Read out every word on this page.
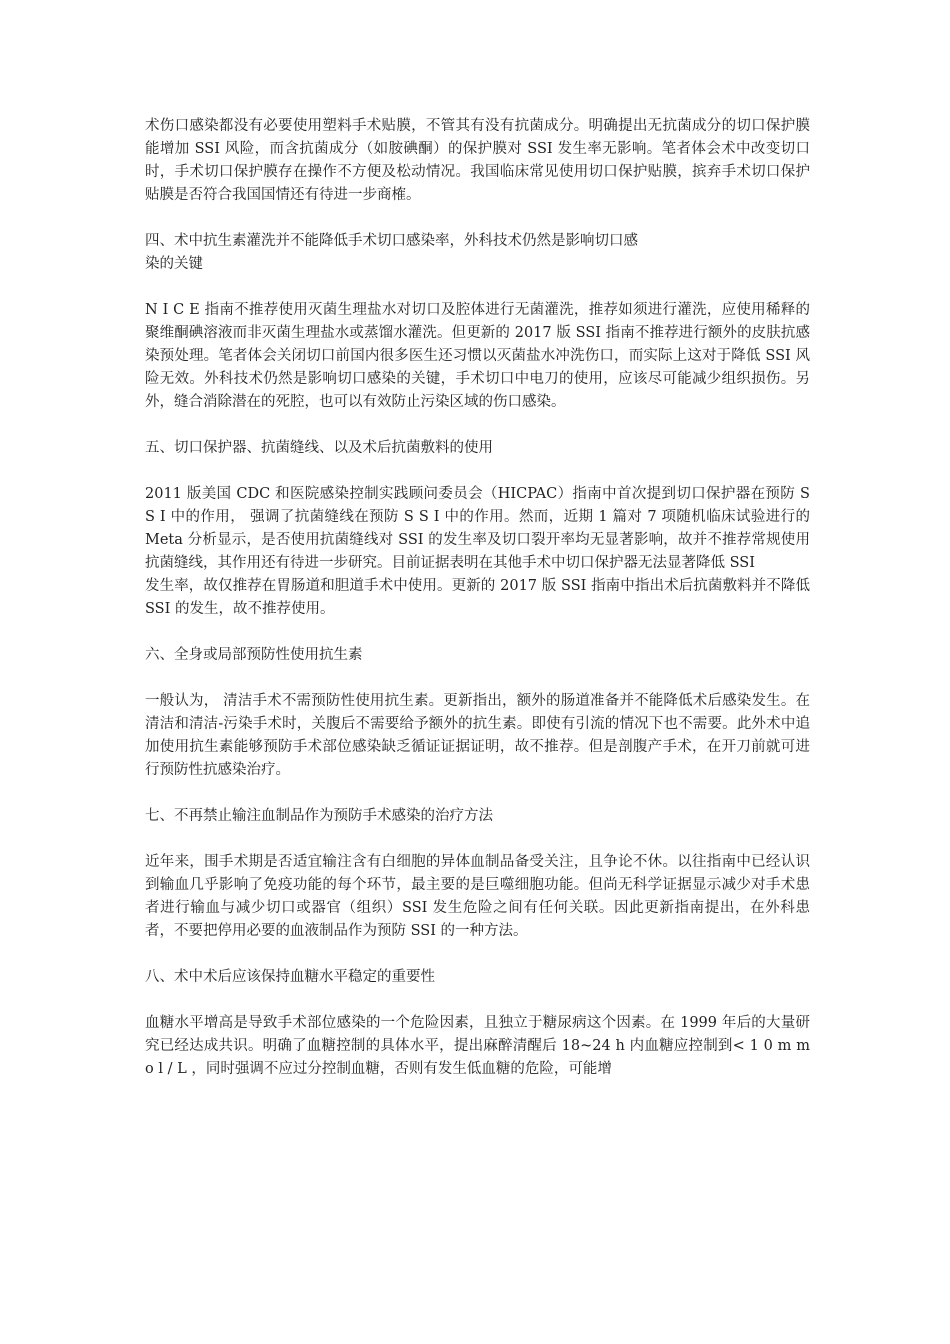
术伤口感染都没有必要使用塑料手术贴膜，不管其有没有抗菌成分。明确提出无抗菌成分的切口保护膜能增加 SSI 风险，而含抗菌成分（如胺碘酮）的保护膜对 SSI 发生率无影响。笔者体会术中改变切口时，手术切口保护膜存在操作不方便及松动情况。我国临床常见使用切口保护贴膜，摈弃手术切口保护贴膜是否符合我国国情还有待进一步商榷。

四、术中抗生素灌洗并不能降低手术切口感染率，外科技术仍然是影响切口感
染的关键

N I C E 指南不推荐使用灭菌生理盐水对切口及腔体进行无菌灌洗，推荐如须进行灌洗，应使用稀释的聚维酮碘溶液而非灭菌生理盐水或蒸馏水灌洗。但更新的 2017 版 SSI 指南不推荐进行额外的皮肤抗感染预处理。笔者体会关闭切口前国内很多医生还习惯以灭菌盐水冲洗伤口，而实际上这对于降低 SSI 风险无效。外科技术仍然是影响切口感染的关键，手术切口中电刀的使用，应该尽可能减少组织损伤。另外，缝合消除潜在的死腔，也可以有效防止污染区域的伤口感染。

五、切口保护器、抗菌缝线、以及术后抗菌敷料的使用

2011 版美国 CDC 和医院感染控制实践顾问委员会（HICPAC）指南中首次提到切口保护器在预防 S S I 中的作用， 强调了抗菌缝线在预防 S S I 中的作用。然而，近期 1 篇对 7 项随机临床试验进行的 Meta 分析显示，是否使用抗菌缝线对 SSI 的发生率及切口裂开率均无显著影响，故并不推荐常规使用抗菌缝线，其作用还有待进一步研究。目前证据表明在其他手术中切口保护器无法显著降低 SSI
发生率，故仅推荐在胃肠道和胆道手术中使用。更新的 2017 版 SSI 指南中指出术后抗菌敷料并不降低 SSI 的发生，故不推荐使用。

六、全身或局部预防性使用抗生素

一般认为， 清洁手术不需预防性使用抗生素。更新指出，额外的肠道准备并不能降低术后感染发生。在清洁和清洁-污染手术时，关腹后不需要给予额外的抗生素。即使有引流的情况下也不需要。此外术中追加使用抗生素能够预防手术部位感染缺乏循证证据证明，故不推荐。但是剖腹产手术，在开刀前就可进行预防性抗感染治疗。

七、不再禁止输注血制品作为预防手术感染的治疗方法

近年来，围手术期是否适宜输注含有白细胞的异体血制品备受关注，且争论不休。以往指南中已经认识到输血几乎影响了免疫功能的每个环节，最主要的是巨噬细胞功能。但尚无科学证据显示减少对手术患者进行输血与减少切口或器官（组织）SSI 发生危险之间有任何关联。因此更新指南提出，在外科患者，不要把停用必要的血液制品作为预防 SSI 的一种方法。

八、术中术后应该保持血糖水平稳定的重要性

血糖水平增高是导致手术部位感染的一个危险因素，且独立于糖尿病这个因素。在 1999 年后的大量研究已经达成共识。明确了血糖控制的具体水平，提出麻醉清醒后 18~24 h 内血糖应控制到< 1 0 m m o l / L ，同时强调不应过分控制血糖，否则有发生低血糖的危险，可能增
